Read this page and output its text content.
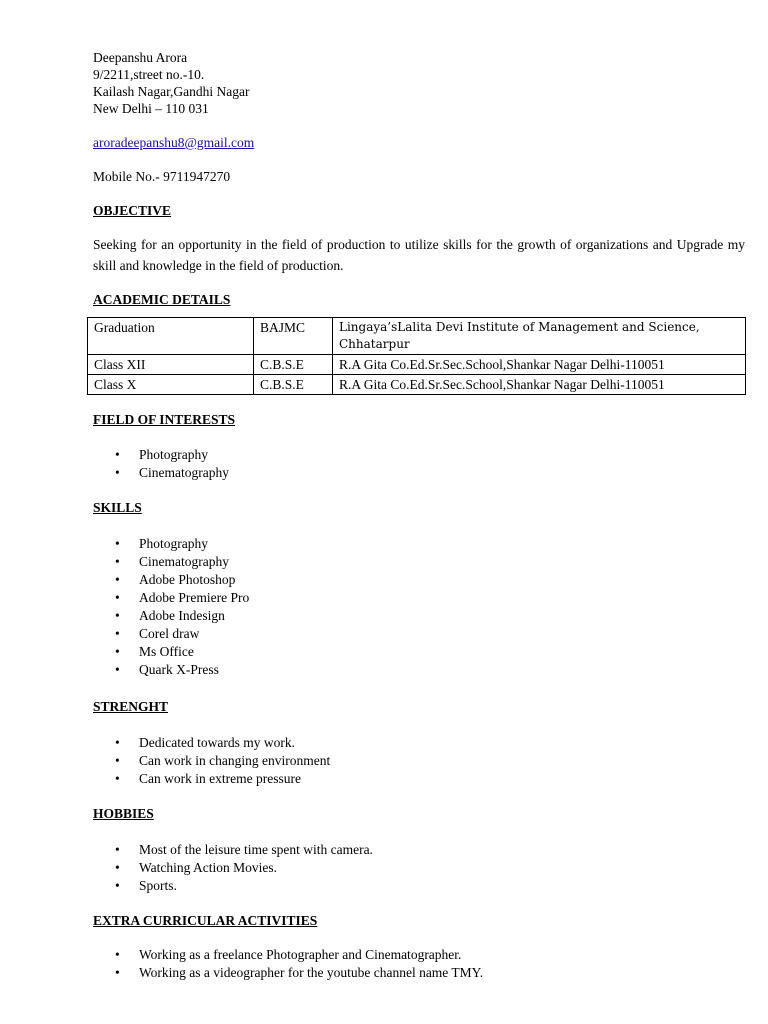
Deepanshu Arora

9/2211,street no.-10.

Kailash Nagar,Gandhi Nagar

New Delhi – 110 031

aroradeepanshu8@gmail.com

Mobile No.- 9711947270

OBJECTIVE

Seeking for an opportunity in the field of production to utilize skills for the growth of organizations and Upgrade my skill and knowledge in the field of production.

ACADEMIC DETAILS

Graduation	BAJMC	Lingaya’sLalita Devi Institute of Management and Science, Chhatarpur
Class XII	C.B.S.E	R.A Gita Co.Ed.Sr.Sec.School,Shankar Nagar Delhi-110051
Class X	C.B.S.E	R.A Gita Co.Ed.Sr.Sec.School,Shankar Nagar Delhi-110051

FIELD OF INTERESTS

• Photography
• Cinematography

SKILLS

• Photography
• Cinematography
• Adobe Photoshop
• Adobe Premiere Pro
• Adobe Indesign
• Corel draw
• Ms Office
• Quark X-Press

STRENGHT

• Dedicated towards my work.
• Can work in changing environment
• Can work in extreme pressure

HOBBIES

• Most of the leisure time spent with camera.
• Watching Action Movies.
• Sports.

EXTRA CURRICULAR ACTIVITIES

• Working as a freelance Photographer and Cinematographer.
• Working as a videographer for the youtube channel name TMY.
